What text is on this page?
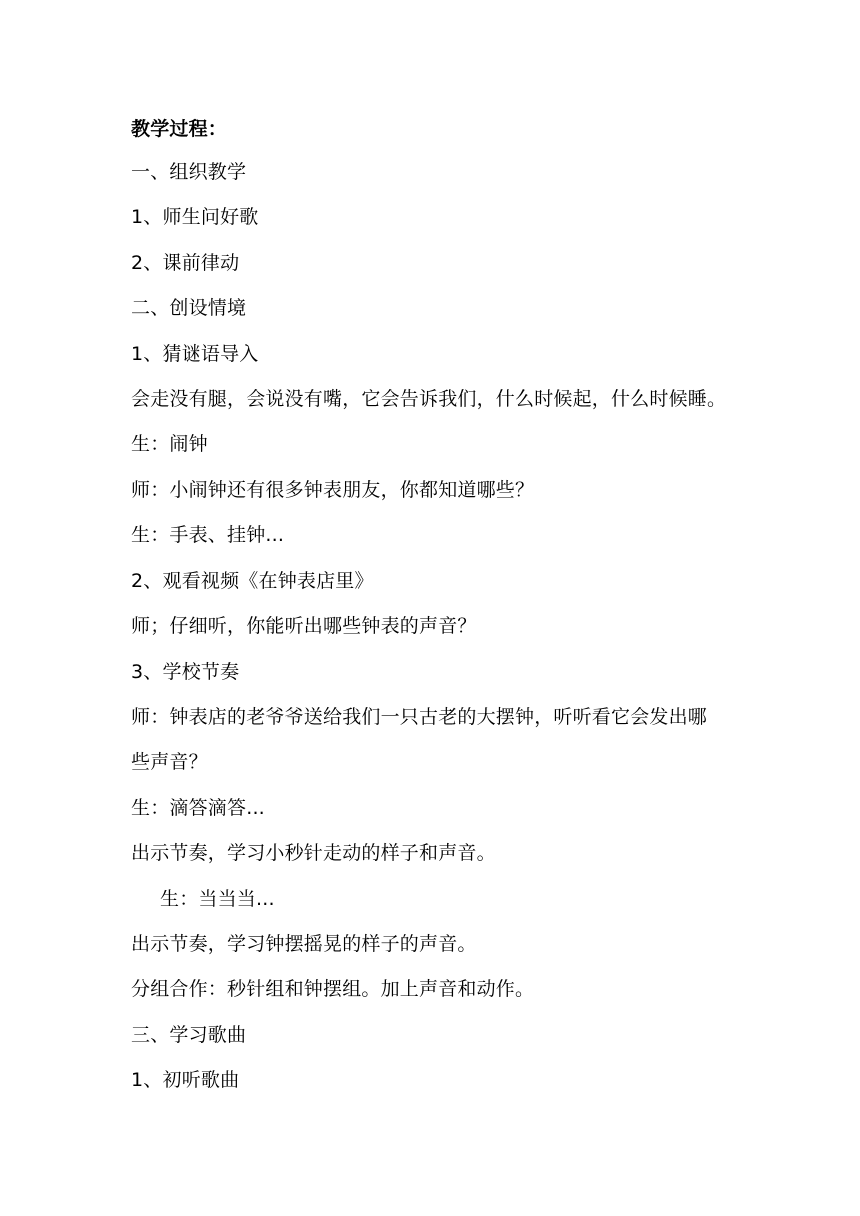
教学过程：
一、组织教学
1、师生问好歌
2、课前律动
二、创设情境
1、猜谜语导入
会走没有腿，会说没有嘴，它会告诉我们，什么时候起，什么时候睡。
生：闹钟
师：小闹钟还有很多钟表朋友，你都知道哪些？
生：手表、挂钟...
2、观看视频《在钟表店里》
师；仔细听，你能听出哪些钟表的声音？
3、学校节奏
师：钟表店的老爷爷送给我们一只古老的大摆钟，听听看它会发出哪
些声音？
生：滴答滴答...
出示节奏，学习小秒针走动的样子和声音。
生：当当当...
出示节奏，学习钟摆摇晃的样子的声音。
分组合作：秒针组和钟摆组。加上声音和动作。
三、学习歌曲
1、初听歌曲
